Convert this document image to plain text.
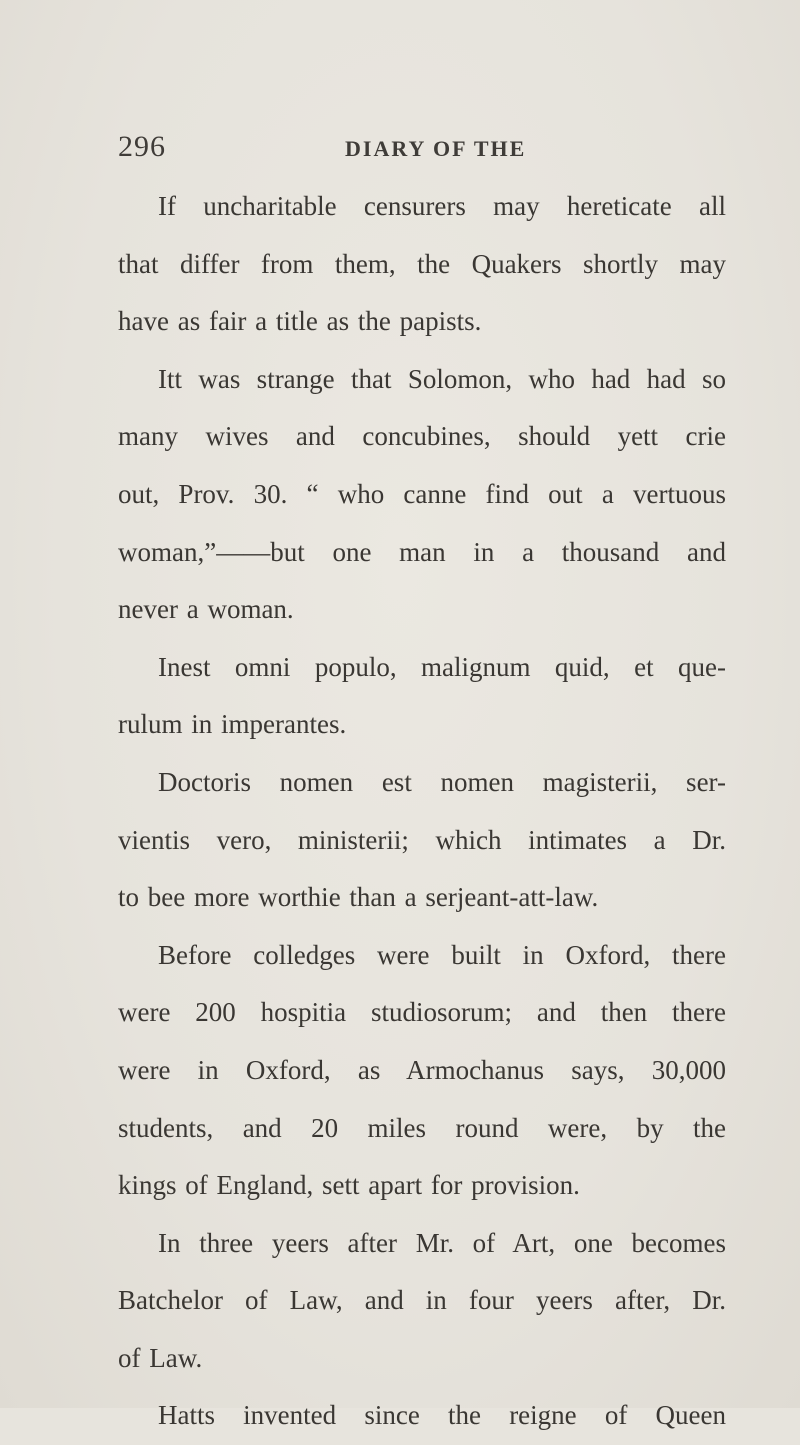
296	DIARY OF THE
If uncharitable censurers may hereticate all
that differ from them, the Quakers shortly may
have as fair a title as the papists.
Itt was strange that Solomon, who had had so
many wives and concubines, should yett crie
out, Prov. 30. “ who canne find out a vertuous
woman,”——but one man in a thousand and
never a woman.
Inest omni populo, malignum quid, et que-
rulum in imperantes.
Doctoris nomen est nomen magisterii, ser-
vientis vero, ministerii; which intimates a Dr.
to bee more worthie than a serjeant-att-law.
Before colledges were built in Oxford, there
were 200 hospitia studiosorum; and then there
were in Oxford, as Armochanus says, 30,000
students, and 20 miles round were, by the
kings of England, sett apart for provision.
In three yeers after Mr. of Art, one becomes
Batchelor of Law, and in four yeers after, Dr.
of Law.
Hatts invented since the reigne of Queen
